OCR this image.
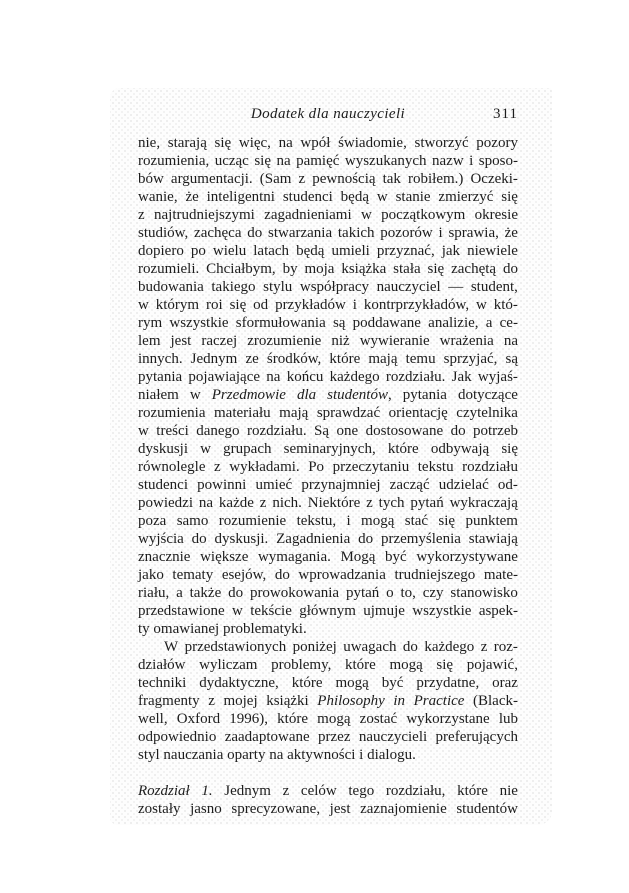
Dodatek dla nauczycieli	311
nie, starają się więc, na wpół świadomie, stworzyć pozory
rozumienia, ucząc się na pamięć wyszukanych nazw i sposo-
bów argumentacji. (Sam z pewnością tak robiłem.) Oczeki-
wanie, że inteligentni studenci będą w stanie zmierzyć się
z najtrudniejszymi zagadnieniami w początkowym okresie
studiów, zachęca do stwarzania takich pozorów i sprawia, że
dopiero po wielu latach będą umieli przyznać, jak niewiele
rozumieli. Chciałbym, by moja książka stała się zachętą do
budowania takiego stylu współpracy nauczyciel — student,
w którym roi się od przykładów i kontrprzykładów, w któ-
rym wszystkie sformułowania są poddawane analizie, a ce-
lem jest raczej zrozumienie niż wywieranie wrażenia na
innych. Jednym ze środków, które mają temu sprzyjać, są
pytania pojawiające na końcu każdego rozdziału. Jak wyjaś-
niałem w Przedmowie dla studentów, pytania dotyczące
rozumienia materiału mają sprawdzać orientację czytelnika
w treści danego rozdziału. Są one dostosowane do potrzeb
dyskusji w grupach seminaryjnych, które odbywają się
równolegle z wykładami. Po przeczytaniu tekstu rozdziału
studenci powinni umieć przynajmniej zacząć udzielać od-
powiedzi na każde z nich. Niektóre z tych pytań wykraczają
poza samo rozumienie tekstu, i mogą stać się punktem
wyjścia do dyskusji. Zagadnienia do przemyślenia stawiają
znacznie większe wymagania. Mogą być wykorzystywane
jako tematy esejów, do wprowadzania trudniejszego mate-
riału, a także do prowokowania pytań o to, czy stanowisko
przedstawione w tekście głównym ujmuje wszystkie aspek-
ty omawianej problematyki.
W przedstawionych poniżej uwagach do każdego z roz-
działów wyliczam problemy, które mogą się pojawić,
techniki dydaktyczne, które mogą być przydatne, oraz
fragmenty z mojej książki Philosophy in Practice (Black-
well, Oxford 1996), które mogą zostać wykorzystane lub
odpowiednio zaadaptowane przez nauczycieli preferujących
styl nauczania oparty na aktywności i dialogu.
Rozdział 1. Jednym z celów tego rozdziału, które nie
zostały jasno sprecyzowane, jest zaznajomienie studentów
